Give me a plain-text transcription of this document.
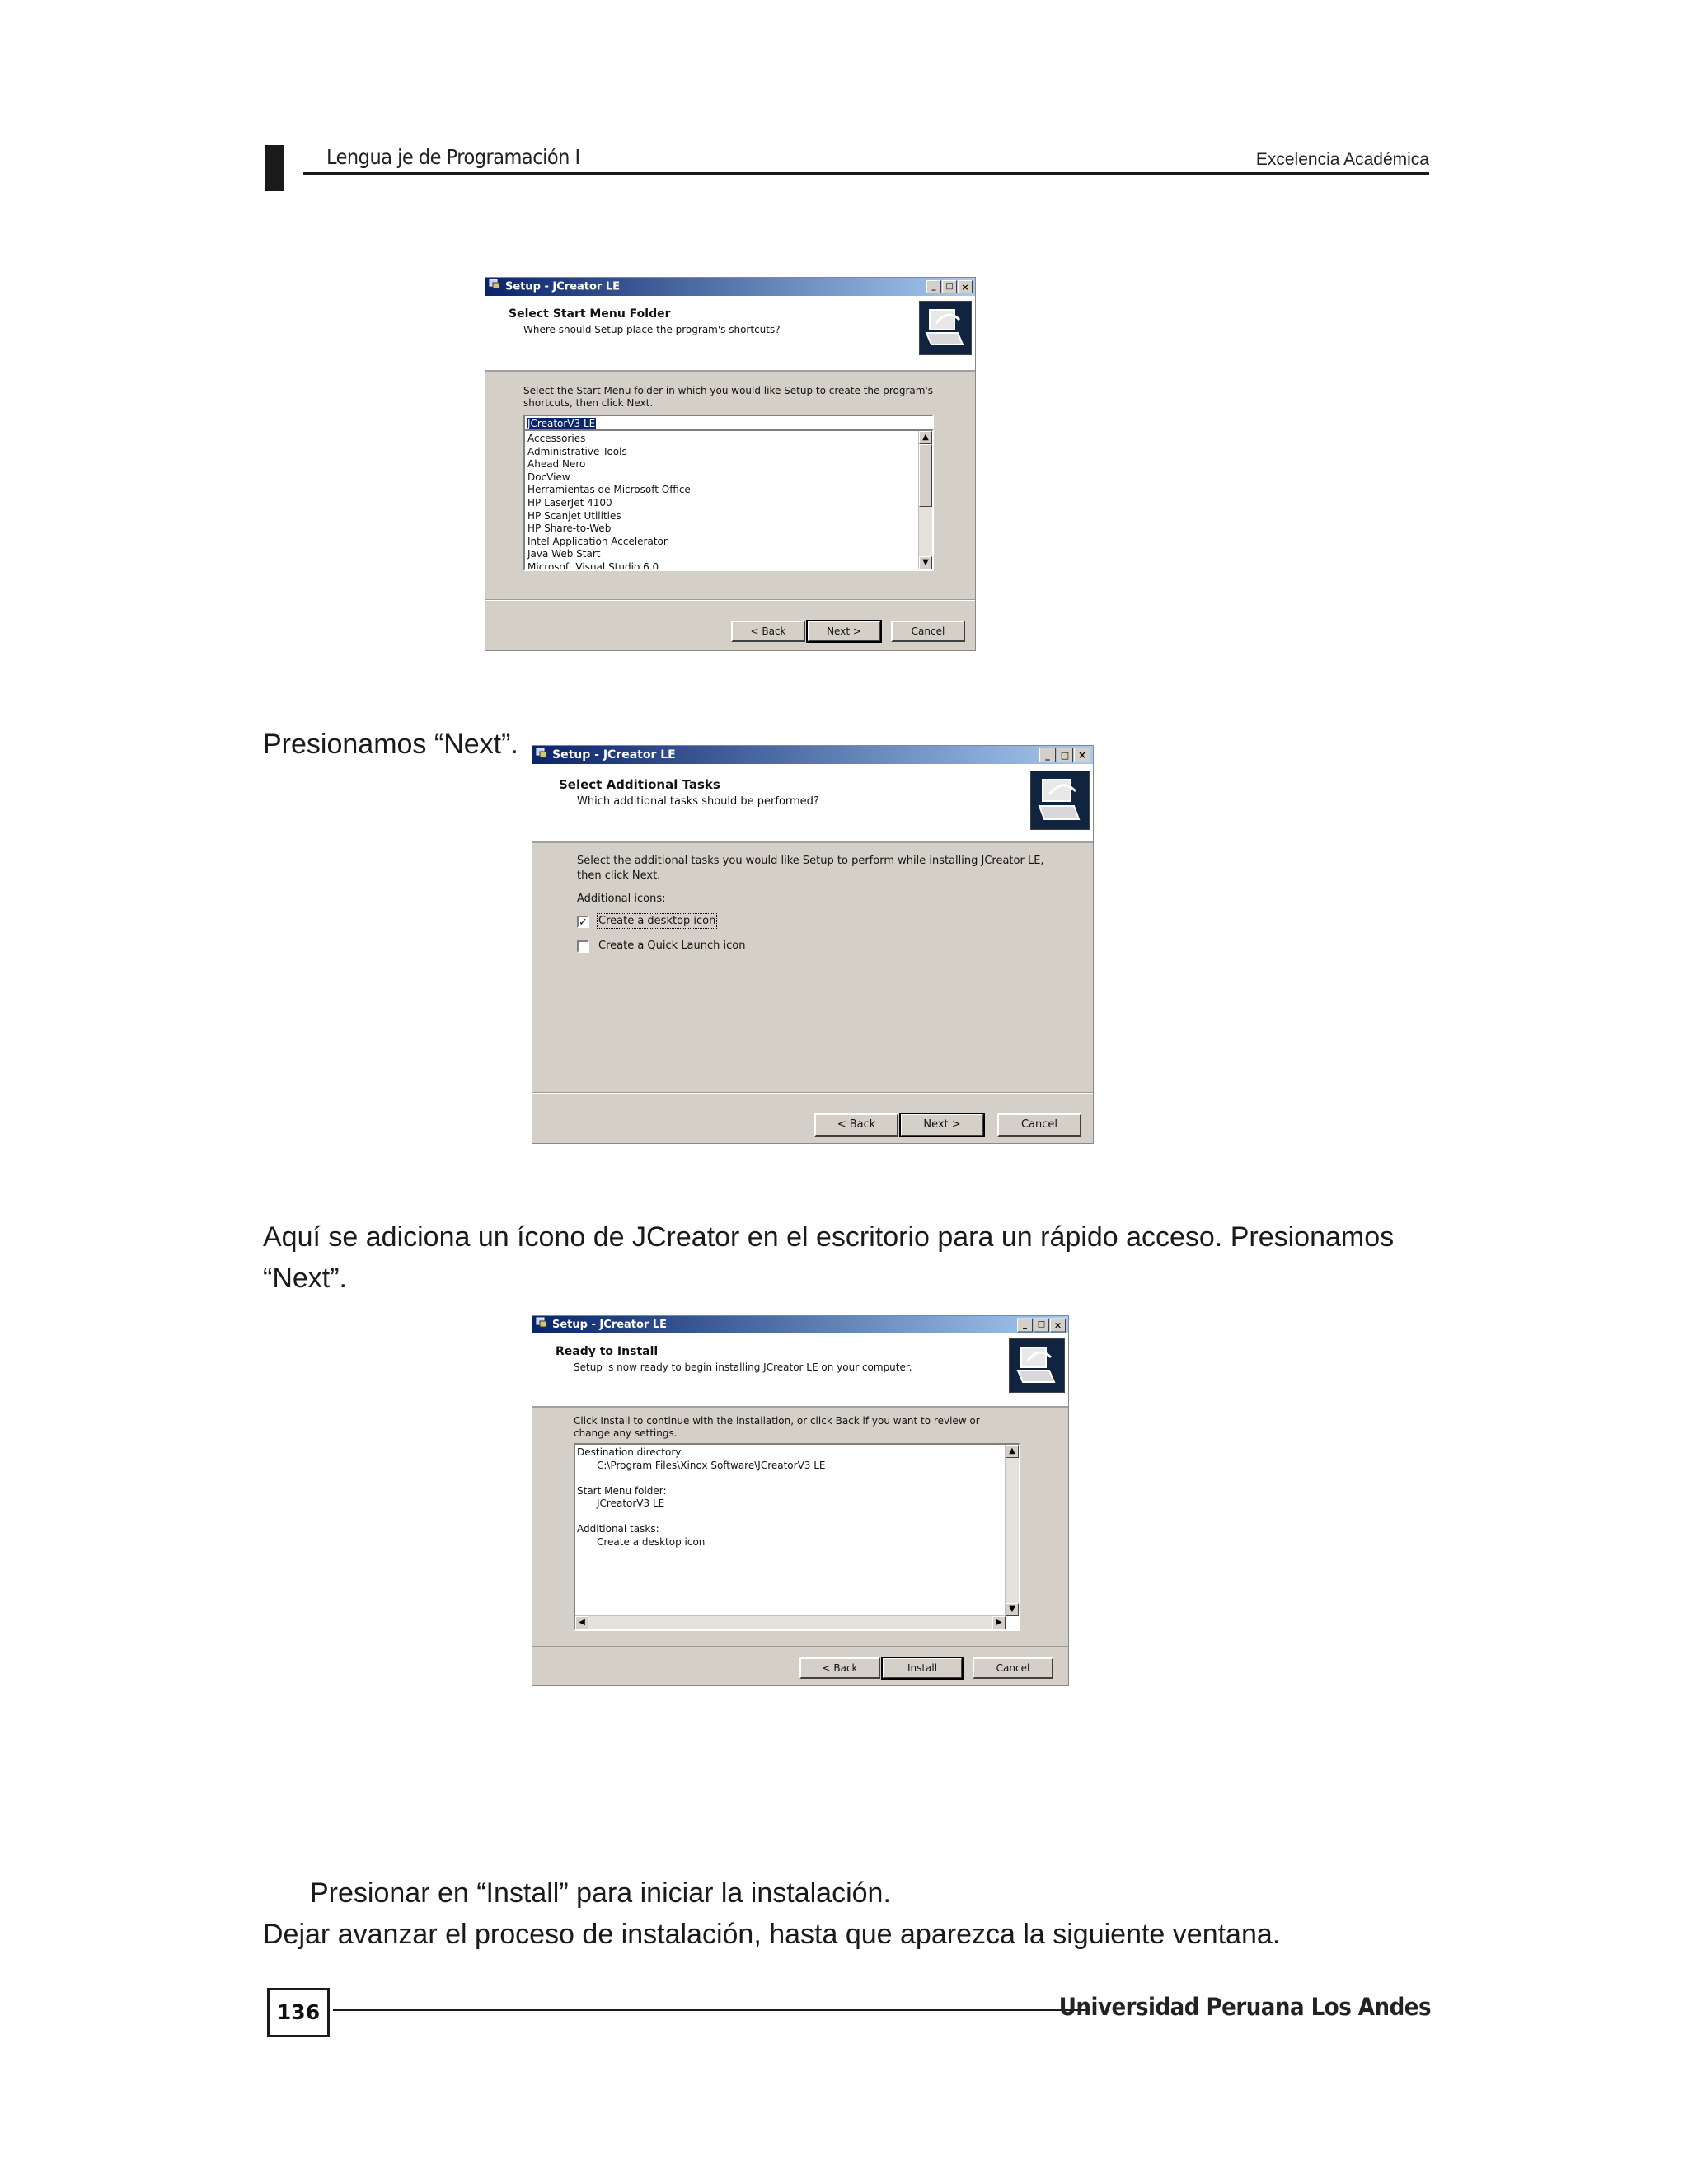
Lengua je de Programación I	Excelencia Académica
Setup - JCreator LE	_	□ ×
Select Start Menu Folder
Where should Setup place the program's shortcuts?
Select the Start Menu folder in which you would like Setup to create the program's
shortcuts, then click Next.
JCreatorV3 LE
Accessories
Administrative Tools
Ahead Nero
DocView
Herramientas de Microsoft Office
HP LaserJet 4100
HP Scanjet Utilities
HP Share-to-Web
Intel Application Accelerator
Java Web Start
Microsoft Visual Studio 6.0
▲
▼
< Back	Next >	Cancel
Presionamos “Next”.	Setup - JCreator LE	_	□ ×
Select Additional Tasks
Which additional tasks should be performed?
Select the additional tasks you would like Setup to perform while installing JCreator LE,
then click Next.
Additional icons:
✓ Create a desktop icon
Create a Quick Launch icon
< Back	Next >	Cancel
Aquí se adiciona un ícono de JCreator en el escritorio para un rápido acceso. Presionamos
“Next”.
Setup - JCreator LE	_	□ ×
Ready to Install
Setup is now ready to begin installing JCreator LE on your computer.
Click Install to continue with the installation, or click Back if you want to review or
change any settings.
Destination directory:
C:\Program Files\Xinox Software\JCreatorV3 LE
Start Menu folder:
JCreatorV3 LE
Additional tasks:
Create a desktop icon
▲
▼
◀	▶
< Back	Install	Cancel
Presionar en “Install” para iniciar la instalación.
Dejar avanzar el proceso de instalación, hasta que aparezca la siguiente ventana.
136	Universidad Peruana Los Andes
